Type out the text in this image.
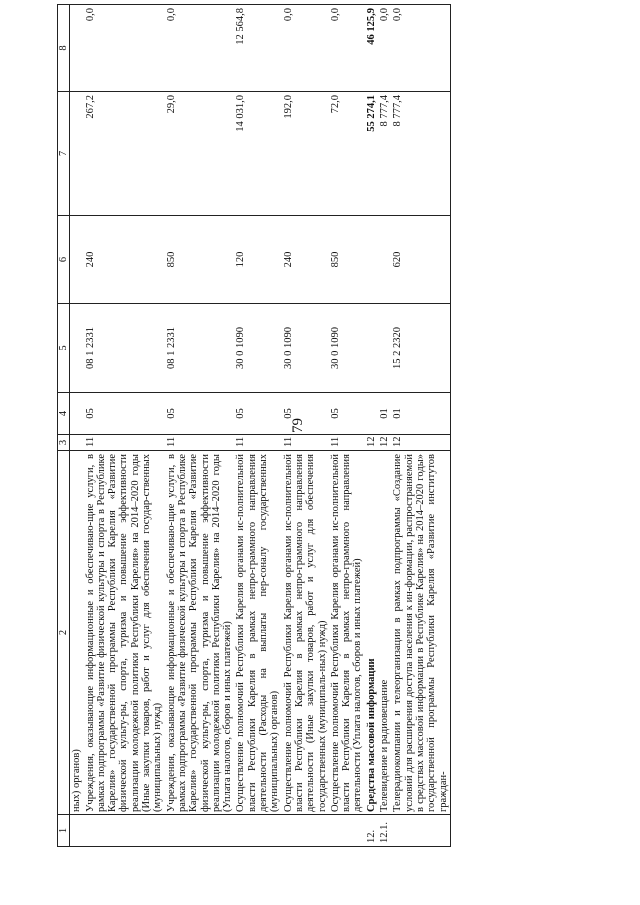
79
1	2	3	4	5	6	7	8
	ных) органов)						
	Учреждения, оказывающие информационные и обеспечиваю-щие услуги, в рамках подпрограммы «Развитие физической культуры и спорта в Республике Карелия» государственной программы Республики Карелия «Развитие физической культу-ры, спорта, туризма и повышение эффективности реализации молодежной политики Республики Карелия» на 2014–2020 годы (Иные закупки товаров, работ и услуг для обеспечения государ-ственных (муниципальных) нужд)	11	05	08 1 2331	240	267,2	0,0
	Учреждения, оказывающие информационные и обеспечиваю-щие услуги, в рамках подпрограммы «Развитие физической культуры и спорта в Республике Карелия» государственной программы Республики Карелия «Развитие физической культу-ры, спорта, туризма и повышение эффективности реализации молодежной политики Республики Карелия» на 2014–2020 годы (Уплата налогов, сборов и иных платежей)	11	05	08 1 2331	850	29,0	0,0
	Осуществление полномочий Республики Карелия органами ис-полнительной власти Республики Карелия в рамках непро-граммного направления деятельности (Расходы на выплаты пер-соналу государственных (муниципальных) органов)	11	05	30 0 1090	120	14 031,0	12 564,8
	Осуществление полномочий Республики Карелия органами ис-полнительной власти Республики Карелия в рамках непро-граммного направления деятельности (Иные закупки товаров, работ и услуг для обеспечения государственных (муниципаль-ных) нужд)	11	05	30 0 1090	240	192,0	0,0
	Осуществление полномочий Республики Карелия органами ис-полнительной власти Республики Карелия в рамках непро-граммного направления деятельности (Уплата налогов, сборов и иных платежей)	11	05	30 0 1090	850	72,0	0,0
12.	Средства массовой информации	12				55 274,1	46 125,9
12.1.	Телевидение и радиовещание	12	01			8 777,4	0,0
	Телерадиокомпании и телеорганизации в рамках подпрограммы «Создание условий для расширения доступа населения к ин-формации, распространяемой в средствах массовой информации в Республике Карелия» на 2014–2020 годы» государственной программы Республики Карелия «Развитие институтов граждан-	12	01	15 2 2320	620	8 777,4	0,0
